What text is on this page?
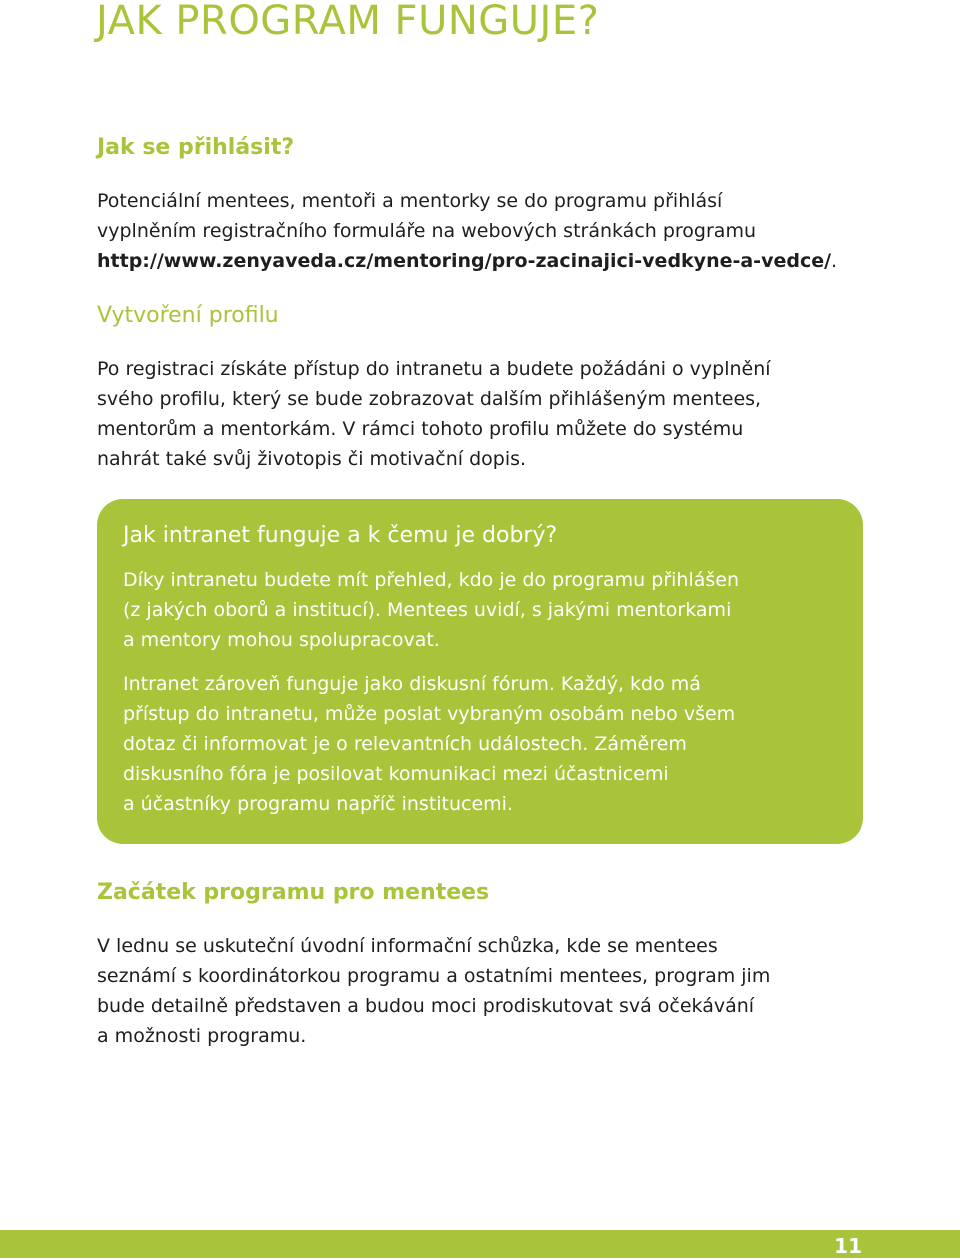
JAK PROGRAM FUNGUJE?
Jak se přihlásit?

Potenciální mentees, mentoři a mentorky se do programu přihlásí
vyplněním registračního formuláře na webových stránkách programu
http://www.zenyaveda.cz/mentoring/pro-zacinajici-vedkyne-a-vedce/.

Vytvoření profilu

Po registraci získáte přístup do intranetu a budete požádáni o vyplnění
svého profilu, který se bude zobrazovat dalším přihlášeným mentees,
mentorům a mentorkám. V rámci tohoto profilu můžete do systému
nahrát také svůj životopis či motivační dopis.

Jak intranet funguje a k čemu je dobrý?

Díky intranetu budete mít přehled, kdo je do programu přihlášen
(z jakých oborů a institucí). Mentees uvidí, s jakými mentorkami
a mentory mohou spolupracovat.

Intranet zároveň funguje jako diskusní fórum. Každý, kdo má
přístup do intranetu, může poslat vybraným osobám nebo všem
dotaz či informovat je o relevantních událostech. Záměrem
diskusního fóra je posilovat komunikaci mezi účastnicemi
a účastníky programu napříč institucemi.

Začátek programu pro mentees

V lednu se uskuteční úvodní informační schůzka, kde se mentees
seznámí s koordinátorkou programu a ostatními mentees, program jim
bude detailně představen a budou moci prodiskutovat svá očekávání
a možnosti programu.

11
